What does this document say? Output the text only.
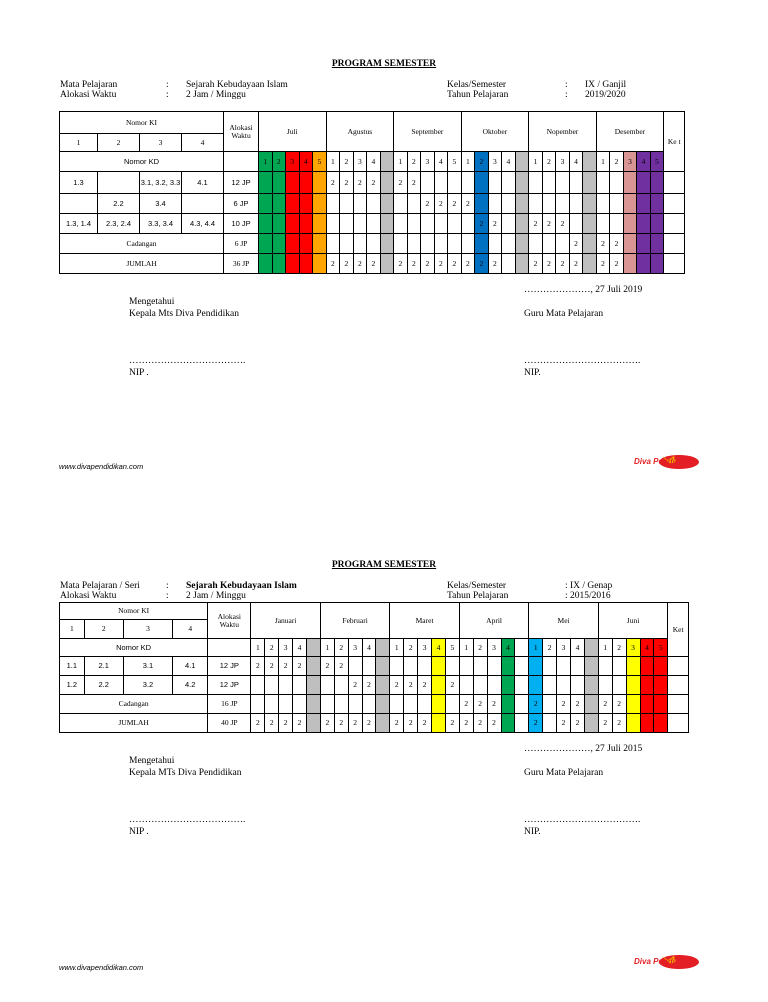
PROGRAM SEMESTER
Mata Pelajaran	: Sejarah Kebudayaan Islam
Alokasi Waktu	: 2 Jam / Minggu
Kelas/Semester	: IX / Ganjil
Tahun Pelajaran	: 2019/2020
Nomor KI				Alokasi Waktu	Juli					Agustus					September					Oktober					Nopember					Desember					Ke t
1	2	3	4																																
Nomor KD					1	2	3	4	5	1	2	3	4		1	2	3	4	5	1	2	3	4		1	2	3	4		1	2	3	4	5	
1.3		3.1, 3.2, 3.3	4.1	12 JP						2	2	2	2		2	2																			
	2.2	3.4		6 JP													2	2	2	2															
1.3, 1.4	2.3, 2.4	3.3, 3.4	4.3, 4.4	10 JP																	2	2			2	2	2								
Cadangan				6 JP																								2		2	2				
JUMLAH				36 JP						2	2	2	2		2	2	2	2	2	2	2	2			2	2	2	2		2	2				
…………………, 27 Juli 2019
Mengetahui
Kepala Mts Diva Pendidikan	Guru Mata Pelajaran
……………………………….	……………………………….
NIP .	NIP.
www.divapendidikan.com
Diva Pendidikan
PROGRAM SEMESTER
Mata Pelajaran / Seri	: Sejarah Kebudayaan Islam
Alokasi Waktu	: 2 Jam / Minggu
Kelas/Semester	: IX / Genap
Tahun Pelajaran	: 2015/2016
Nomor KI				Alokasi Waktu	Januari					Februari					Maret					April					Mei					Juni					Ket
1	2	3	4																																
Nomor KD					1	2	3	4		1	2	3	4		1	2	3	4	5	1	2	3	4		1	2	3	4		1	2	3	4	5	
1.1	2.1	3.1	4.1	12 JP	2	2	2	2		2	2																								
1.2	2.2	3.2	4.2	12 JP								2	2		2	2	2		2																
Cadangan				16 JP																2	2	2			2		2	2		2	2				
JUMLAH				40 JP	2	2	2	2		2	2	2	2		2	2	2		2	2	2	2			2		2	2		2	2				
…………………, 27 Juli 2015
Mengetahui
Kepala MTs Diva Pendidikan	Guru Mata Pelajaran
……………………………….	……………………………….
NIP .	NIP.
www.divapendidikan.com
Diva Pendidikan
